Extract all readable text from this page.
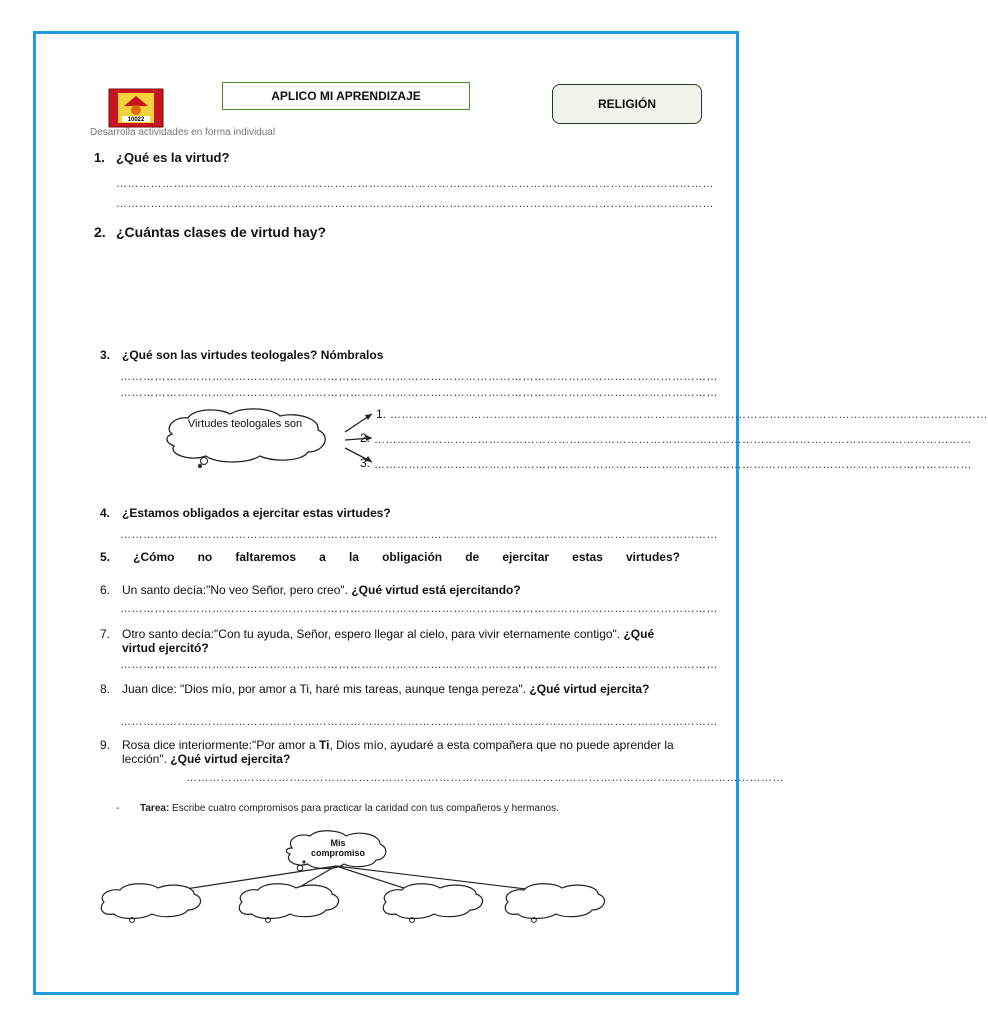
10022
APLICO MI APRENDIZAJE
RELIGIÓN
Desarrolla actividades en forma individual
1. ¿Qué es la virtud?
…………………………………………………………………………………………………………………………………………
…………………………………………………………………………………………………………………………………………
2. ¿Cuántas clases de virtud hay?
3. ¿Qué son las virtudes teologales? Nómbralos
…………………………………………………………………………………………………………………………………………
…………………………………………………………………………………………………………………………………………
Virtudes teologales son
1. …………………………………………………………………………………………………………………………………………
2. …………………………………………………………………………………………………………………………………………
3. …………………………………………………………………………………………………………………………………………
4. ¿Estamos obligados a ejercitar estas virtudes?
…………………………………………………………………………………………………………………………………………
5. ¿Cómo no faltaremos a la obligación de ejercitar estas virtudes?
6. Un santo decía:"No veo Señor, pero creo". ¿Qué virtud está ejercitando?
…………………………………………………………………………………………………………………………………………
7. Otro santo decía:"Con tu ayuda, Señor, espero llegar al cielo, para vivir eternamente contigo". ¿Qué virtud ejercitó?
…………………………………………………………………………………………………………………………………………
8. Juan dice: "Dios mío, por amor a Ti, haré mis tareas, aunque tenga pereza". ¿Qué virtud ejercita?
…………………………………………………………………………………………………………………………………………
9. Rosa dice interiormente:"Por amor a Ti, Dios mío, ayudaré a esta compañera que no puede aprender la lección". ¿Qué virtud ejercita?
…………………………………………………………………………………………………………………………………………
- Tarea: Escribe cuatro compromisos para practicar la caridad con tus compañeros y hermanos.
Mis compromiso
